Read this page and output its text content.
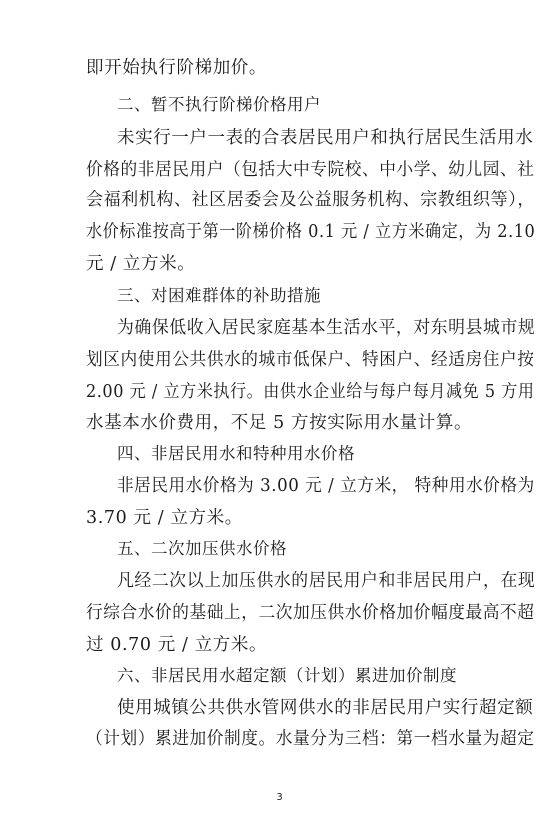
即开始执行阶梯加价。
二、暂不执行阶梯价格用户
未实行一户一表的合表居民用户和执行居民生活用水
价格的非居民用户（包括大中专院校、中小学、幼儿园、社
会福利机构、社区居委会及公益服务机构、宗教组织等），
水价标准按高于第一阶梯价格 0.1 元 / 立方米确定，为 2.10
元 / 立方米。
三、对困难群体的补助措施
为确保低收入居民家庭基本生活水平，对东明县城市规
划区内使用公共供水的城市低保户、特困户、经适房住户按
2.00 元 / 立方米执行。由供水企业给与每户每月减免 5 方用
水基本水价费用，不足 5 方按实际用水量计算。
四、非居民用水和特种用水价格
非居民用水价格为 3.00 元 / 立方米， 特种用水价格为
3.70 元 / 立方米。
五、二次加压供水价格
凡经二次以上加压供水的居民用户和非居民用户，在现
行综合水价的基础上，二次加压供水价格加价幅度最高不超
过 0.70 元 / 立方米。
六、非居民用水超定额（计划）累进加价制度
使用城镇公共供水管网供水的非居民用户实行超定额
（计划）累进加价制度。水量分为三档：第一档水量为超定
3
